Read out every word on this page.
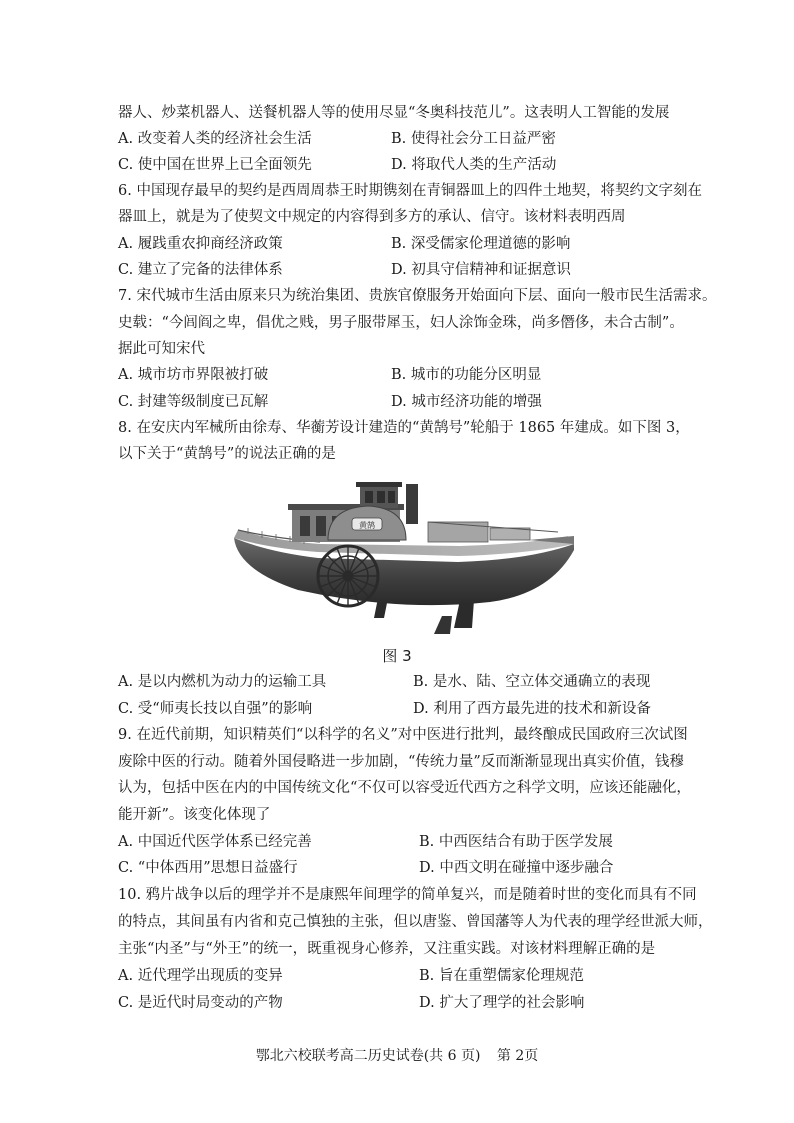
器人、炒菜机器人、送餐机器人等的使用尽显“冬奥科技范儿”。这表明人工智能的发展
A. 改变着人类的经济社会生活	B. 使得社会分工日益严密
C. 使中国在世界上已全面领先	D. 将取代人类的生产活动
6. 中国现存最早的契约是西周周恭王时期镌刻在青铜器皿上的四件土地契，将契约文字刻在
器皿上，就是为了使契文中规定的内容得到多方的承认、信守。该材料表明西周
A. 履践重农抑商经济政策	B. 深受儒家伦理道德的影响
C. 建立了完备的法律体系	D. 初具守信精神和证据意识
7. 宋代城市生活由原来只为统治集团、贵族官僚服务开始面向下层、面向一般市民生活需求。
史载：“今闾阎之卑，倡优之贱，男子服带犀玉，妇人涂饰金珠，尚多僭侈，未合古制”。
据此可知宋代
A. 城市坊市界限被打破	B. 城市的功能分区明显
C. 封建等级制度已瓦解	D. 城市经济功能的增强
8. 在安庆内军械所由徐寿、华蘅芳设计建造的“黄鹄号”轮船于 1865 年建成。如下图 3，
以下关于“黄鹄号”的说法正确的是
黄鹄
图 3
A. 是以内燃机为动力的运输工具	B. 是水、陆、空立体交通确立的表现
C. 受“师夷长技以自强”的影响	D. 利用了西方最先进的技术和新设备
9. 在近代前期，知识精英们“以科学的名义”对中医进行批判，最终酿成民国政府三次试图
废除中医的行动。随着外国侵略进一步加剧，“传统力量”反而渐渐显现出真实价值，钱穆
认为，包括中医在内的中国传统文化“不仅可以容受近代西方之科学文明，应该还能融化，
能开新”。该变化体现了
A. 中国近代医学体系已经完善	B. 中西医结合有助于医学发展
C. “中体西用”思想日益盛行	D. 中西文明在碰撞中逐步融合
10. 鸦片战争以后的理学并不是康熙年间理学的简单复兴，而是随着时世的变化而具有不同
的特点，其间虽有内省和克己慎独的主张，但以唐鉴、曾国藩等人为代表的理学经世派大师，
主张“内圣”与“外王”的统一，既重视身心修养，又注重实践。对该材料理解正确的是
A. 近代理学出现质的变异	B. 旨在重塑儒家伦理规范
C. 是近代时局变动的产物	D. 扩大了理学的社会影响
鄂北六校联考高二历史试卷(共 6 页) 第 2页
